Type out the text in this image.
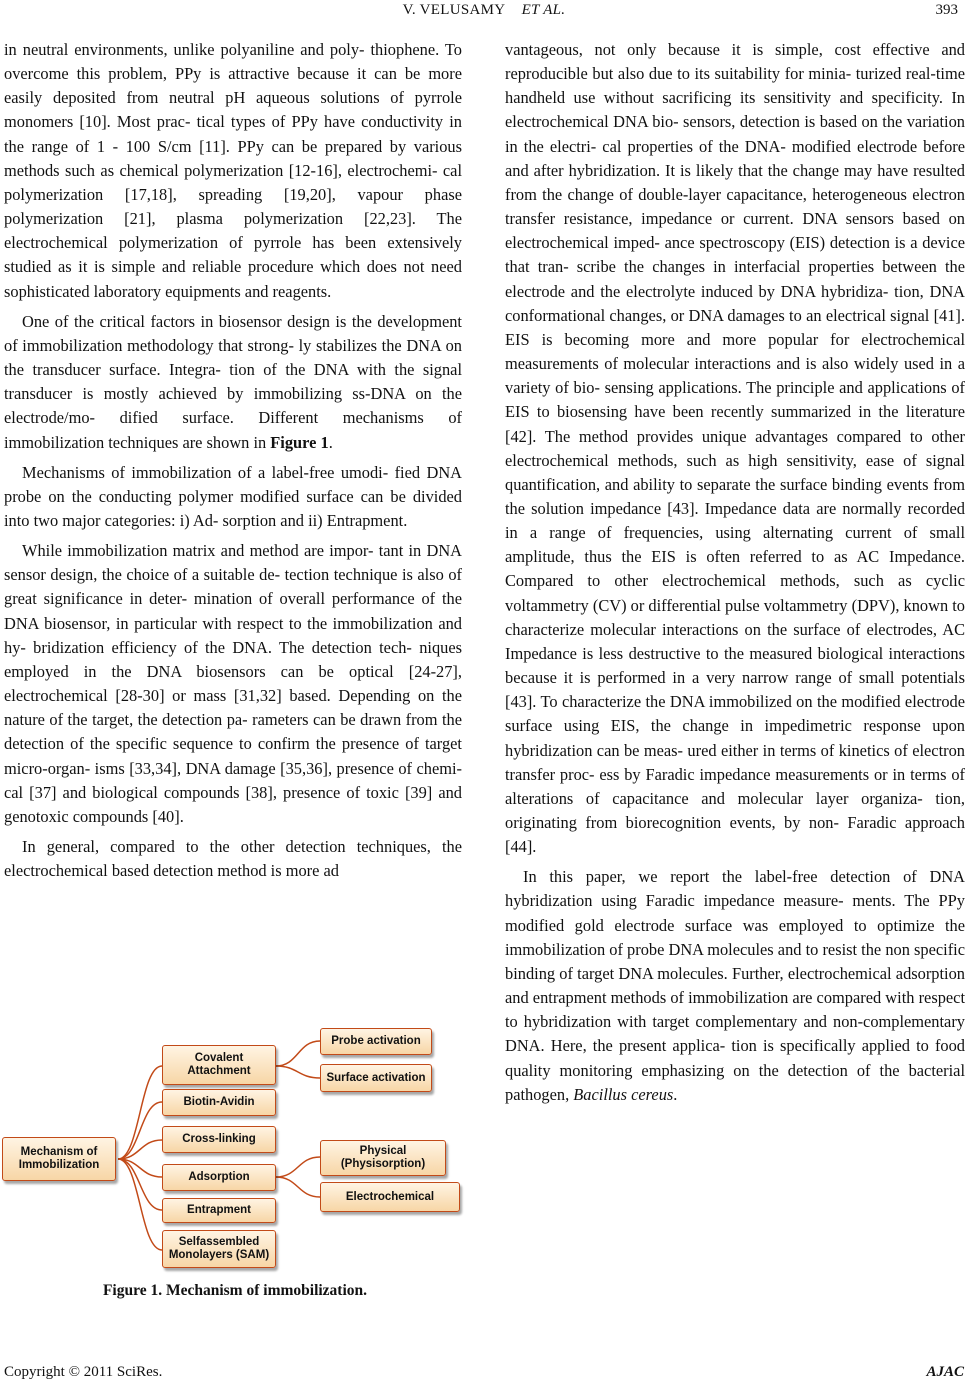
V. VELUSAMY ET AL.	393

in neutral environments, unlike polyaniline and poly- thiophene. To overcome this problem, PPy is attractive because it can be more easily deposited from neutral pH aqueous solutions of pyrrole monomers [10]. Most prac- tical types of PPy have conductivity in the range of 1 - 100 S/cm [11]. PPy can be prepared by various methods such as chemical polymerization [12-16], electrochemi- cal polymerization [17,18], spreading [19,20], vapour phase polymerization [21], plasma polymerization [22,23]. The electrochemical polymerization of pyrrole has been extensively studied as it is simple and reliable procedure which does not need sophisticated laboratory equipments and reagents.

One of the critical factors in biosensor design is the development of immobilization methodology that strong- ly stabilizes the DNA on the transducer surface. Integra- tion of the DNA with the signal transducer is mostly achieved by immobilizing ss-DNA on the electrode/mo- dified surface. Different mechanisms of immobilization techniques are shown in Figure 1.

Mechanisms of immobilization of a label-free umodi- fied DNA probe on the conducting polymer modified surface can be divided into two major categories: i) Ad- sorption and ii) Entrapment.

While immobilization matrix and method are impor- tant in DNA sensor design, the choice of a suitable de- tection technique is also of great significance in deter- mination of overall performance of the DNA biosensor, in particular with respect to the immobilization and hy- bridization efficiency of the DNA. The detection tech- niques employed in the DNA biosensors can be optical [24-27], electrochemical [28-30] or mass [31,32] based. Depending on the nature of the target, the detection pa- rameters can be drawn from the detection of the specific sequence to confirm the presence of target micro-organ- isms [33,34], DNA damage [35,36], presence of chemi- cal [37] and biological compounds [38], presence of toxic [39] and genotoxic compounds [40].

In general, compared to the other detection techniques, the electrochemical based detection method is more ad

vantageous, not only because it is simple, cost effective and reproducible but also due to its suitability for minia- turized real-time handheld use without sacrificing its sensitivity and specificity. In electrochemical DNA bio- sensors, detection is based on the variation in the electri- cal properties of the DNA- modified electrode before and after hybridization. It is likely that the change may have resulted from the change of double-layer capacitance, heterogeneous electron transfer resistance, impedance or current. DNA sensors based on electrochemical imped- ance spectroscopy (EIS) detection is a device that tran- scribe the changes in interfacial properties between the electrode and the electrolyte induced by DNA hybridiza- tion, DNA conformational changes, or DNA damages to an electrical signal [41]. EIS is becoming more and more popular for electrochemical measurements of molecular interactions and is also widely used in a variety of bio- sensing applications. The principle and applications of EIS to biosensing have been recently summarized in the literature [42]. The method provides unique advantages compared to other electrochemical methods, such as high sensitivity, ease of signal quantification, and ability to separate the surface binding events from the solution impedance [43]. Impedance data are normally recorded in a range of frequencies, using alternating current of small amplitude, thus the EIS is often referred to as AC Impedance. Compared to other electrochemical methods, such as cyclic voltammetry (CV) or differential pulse voltammetry (DPV), known to characterize molecular interactions on the surface of electrodes, AC Impedance is less destructive to the measured biological interactions because it is performed in a very narrow range of small potentials [43]. To characterize the DNA immobilized on the modified electrode surface using EIS, the change in impedimetric response upon hybridization can be meas- ured either in terms of kinetics of electron transfer proc- ess by Faradic impedance measurements or in terms of alterations of capacitance and molecular layer organiza- tion, originating from biorecognition events, by non- Faradic approach [44].

In this paper, we report the label-free detection of DNA hybridization using Faradic impedance measure- ments. The PPy modified gold electrode surface was employed to optimize the immobilization of probe DNA molecules and to resist the non specific binding of target DNA molecules. Further, electrochemical adsorption and entrapment methods of immobilization are compared with respect to hybridization with target complementary and non-complementary DNA. Here, the present applica- tion is specifically applied to food quality monitoring emphasizing on the detection of the bacterial pathogen, Bacillus cereus.

Mechanism of Immobilization
Covalent Attachment
Biotin-Avidin
Cross-linking
Adsorption
Entrapment
Selfassembled Monolayers (SAM)
Probe activation
Surface activation
Physical (Physisorption)
Electrochemical
Figure 1. Mechanism of immobilization.
Copyright © 2011 SciRes.	AJAC
